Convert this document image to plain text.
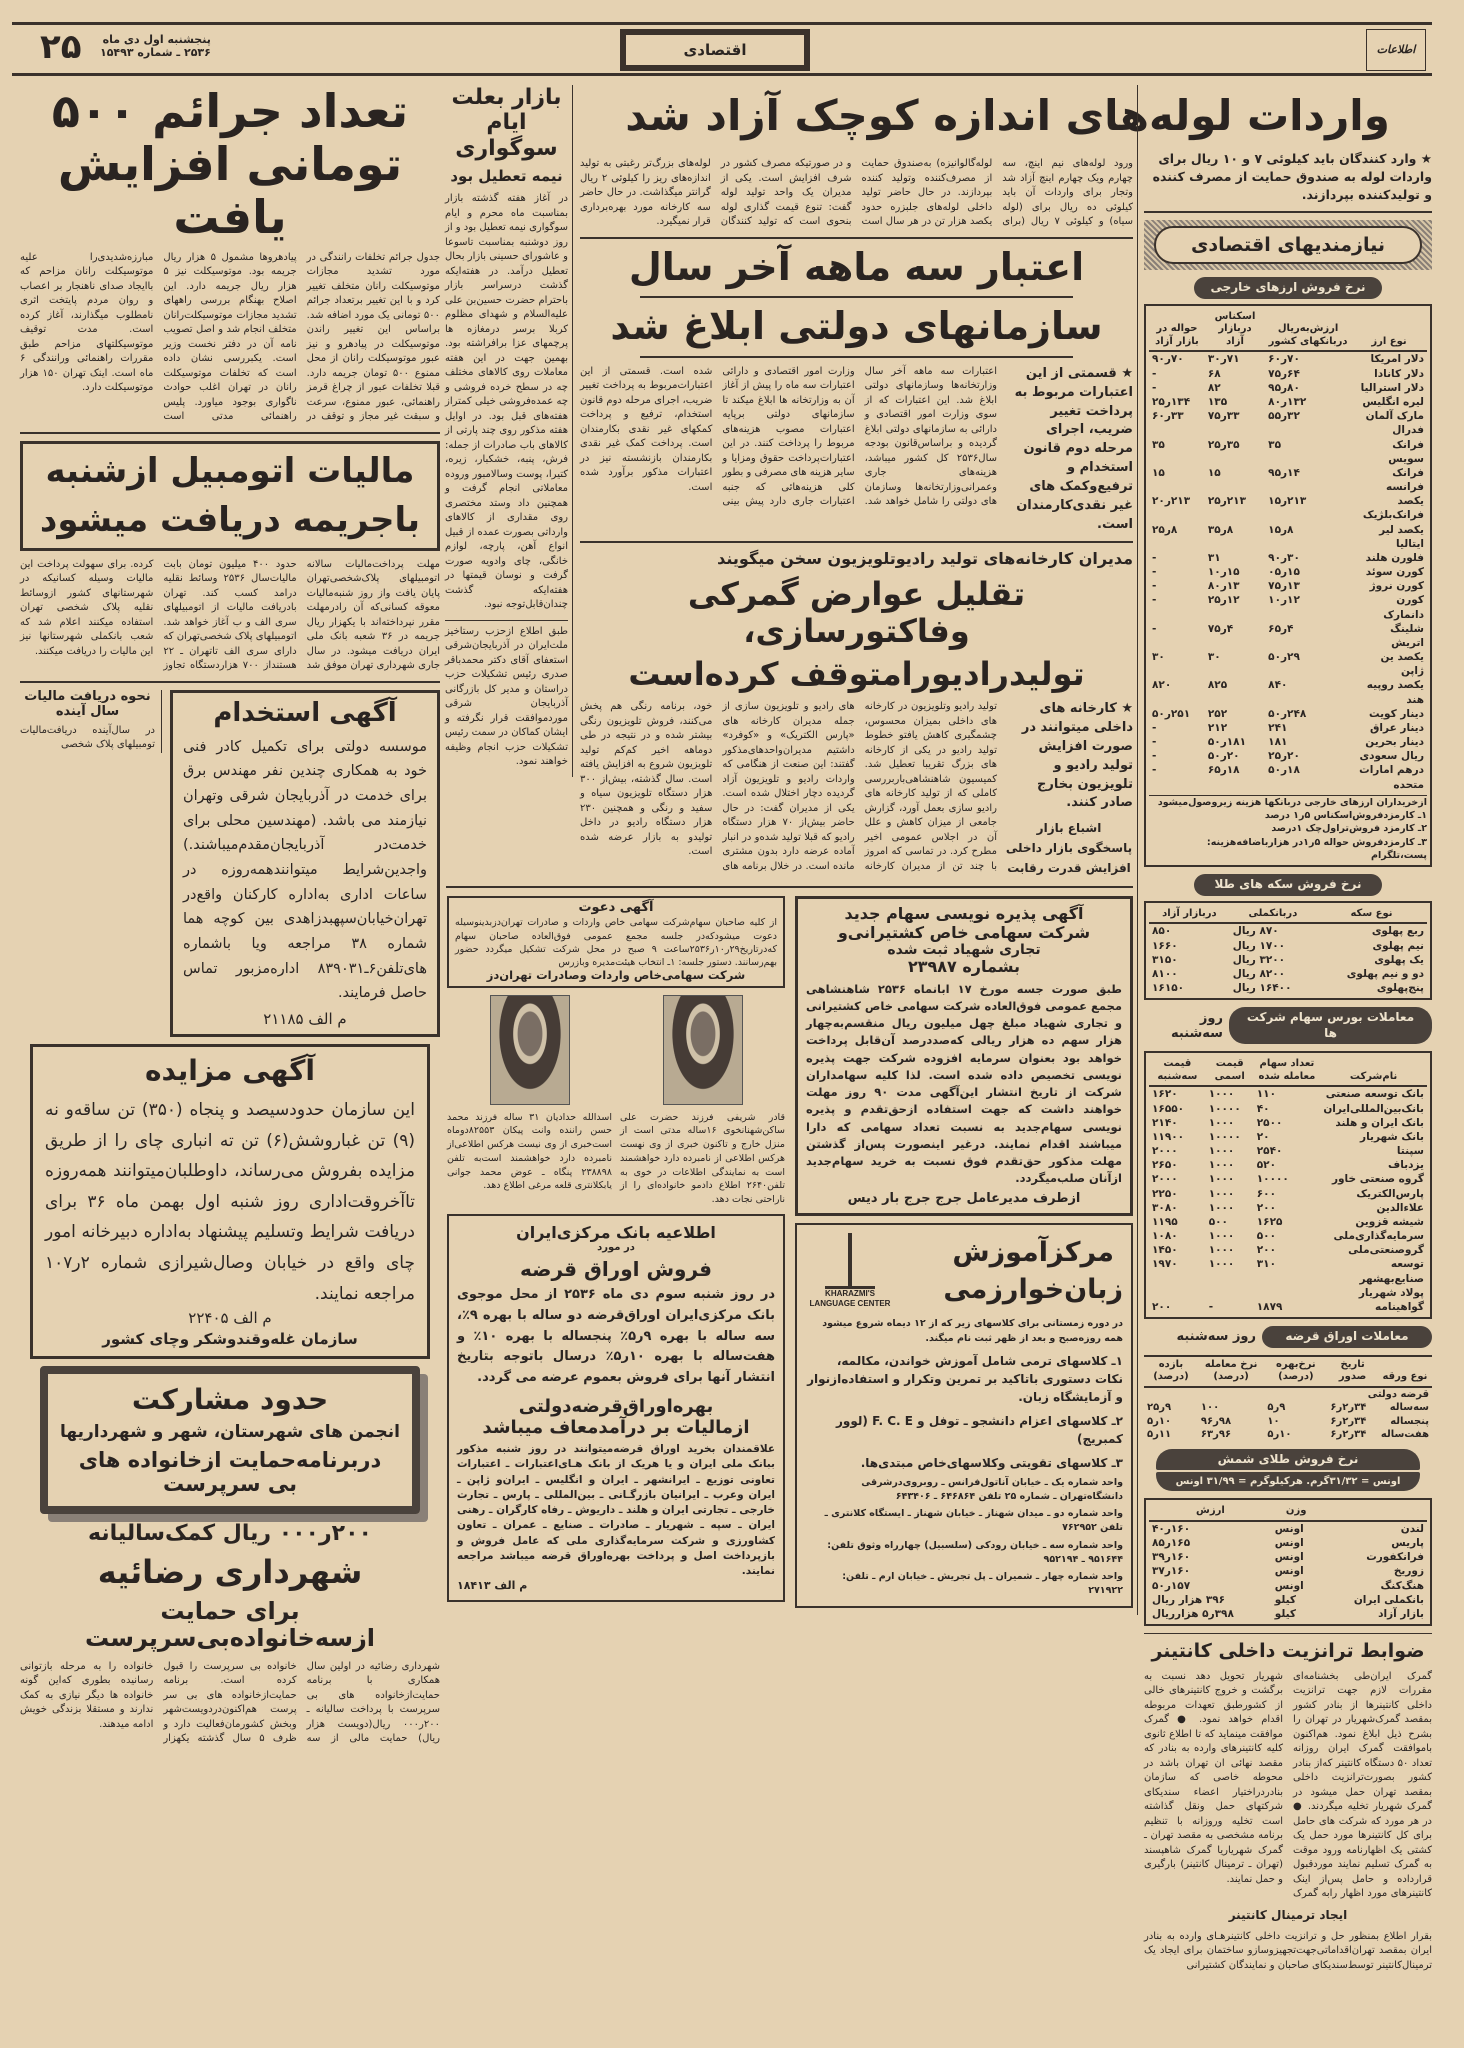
۲۵ پنجشنبه اول دی ماه
۲۵۳۶ ـ شماره ۱۵۴۹۳	اقتصادی	اطلاعات
واردات لوله‌های اندازه کوچک آزاد شد
تعداد جرائم ۵۰۰ تومانی افزایش یافت
جدول جرائم تخلفات رانندگی در مورد تشدید مجازات موتوسیکلت رانان متخلف تغییر کرد و با این تغییر برتعداد جرائم ۵۰۰ تومانی یک مورد اضافه شد. براساس این تغییر راندن موتوسیکلت در پیادهرو و نیز عبور موتوسیکلت رانان از محل ممنوع ۵۰۰ تومان جریمه دارد. قبلا تخلفات عبور از چراغ قرمز راهنمائی، عبور ممنوع، سرعت و سبقت غیر مجاز و توقف در پیادهروها مشمول ۵ هزار ریال جریمه بود. موتوسیکلت نیز ۵ هزار ریال جریمه دارد. این اصلاح بهنگام بررسی راههای تشدید مجازات موتوسیکلت‌رانان متخلف انجام شد و اصل تصویب نامه آن در دفتر نخست وزیر است. یکبررسی نشان داده است که تخلفات موتوسیکلت رانان در تهران اغلب حوادث ناگواری بوجود میاورد. پلیس راهنمائی مدتی است مبارزه‌شدیدی‌را علیه موتوسیکلت رانان مزاحم که باایجاد صدای ناهنجار بر اعصاب و روان مردم پایتخت اثری نامطلوب میگذارند، آغاز کرده است. مدت توقیف موتوسیکلتهای مزاحم طبق مقررات راهنمائی ورانندگی ۶ ماه است. اینک تهران ۱۵۰ هزار موتوسیکلت دارد.
مالیات اتومبیل ازشنبه
باجریمه دریافت میشود
مهلت پرداخت‌مالیات سالانه اتومبیلهای پلاک‌شخصی‌تهران پایان یافت واز روز شنبه‌مالیات معوقه کسانی‌که آن رادرمهلت مقرر نپرداخته‌اند با یکهزار ریال جریمه در ۳۶ شعبه بانک ملی ایران دریافت میشود. در سال جاری شهرداری تهران موفق شد حدود ۴۰۰ میلیون تومان بابت مالیات‌سال ۲۵۳۶ وسائط نقلیه درامد کسب کند. تهران بادریافت مالیات از اتومبیلهای سری الف و ب آغاز خواهد شد. اتومبیلهای پلاک شخصی‌تهران که دارای سری الف تاتهران ـ ۲۲ هستنداز ۷۰۰ هزاردستگاه تجاوز کرده. برای سهولت پرداخت این مالیات وسیله کسانیکه در شهرستانهای کشور ازوسائط نقلیه پلاک شخصی تهران استفاده میکنند اعلام شد که شعب بانکملی شهرستانها نیز این مالیات را دریافت میکنند.
آگهی استخدام
موسسه دولتی برای تکمیل کادر فنی خود به همکاری چندین نفر مهندس برق برای خدمت در آذربایجان شرقی وتهران نیازمند می باشد. (مهندسین محلی برای خدمت‌در آذربایجان‌مقدم‌میباشند.) واجدین‌شرایط میتوانندهمه‌روزه در ساعات اداری به‌اداره کارکنان واقع‌در تهران‌خیابان‌سپهبدزاهدی بین کوچه هما شماره ۳۸ مراجعه ویا باشماره های‌تلفن۶ـ۸۳۹۰۳۱ اداره‌مزبور تماس حاصل فرمایند.
م الف ۲۱۱۸۵
نحوه دریافت مالیات سال آینده
در سال‌آینده دریافت‌مالیات تومبیلهای پلاک شخصی
آگهی مزایده
این سازمان حدودسیصد و پنجاه (۳۵۰) تن ساقه‌و نه (۹) تن غباروشش(۶) تن ته انباری چای را از طریق مزایده بفروش می‌رساند، داوطلبان‌میتوانند همه‌روزه تاآخروقت‌اداری روز شنبه اول بهمن ماه ۳۶ برای دریافت شرایط وتسلیم پیشنهاد به‌اداره دبیرخانه امور چای واقع در خیابان وصال‌شیرازی شماره ۲ر۱۰۷ مراجعه نمایند.
م الف ۲۲۴۰۵
سازمان غله‌وقندوشکر وچای کشور
حدود مشارکت
انجمن های شهرستان، شهر و شهرداریها
دربرنامه‌حمایت ازخانواده های
بی سرپرست
۲۰۰ر۰۰۰ ریال کمک‌سالیانه
شهرداری رضائیه
برای حمایت ازسه‌خانواده‌بی‌سرپرست
شهرداری رضائیه در اولین سال همکاری با برنامه حمایت‌ازخانواده های بی سرپرست با پرداخت سالیانه ـ ۲۰۰ر۰۰۰ ریال(دویست هزار ریال) حمایت مالی از سه خانواده بی سرپرست را قبول کرده است. برنامه حمایت‌ازخانواده های بی سر پرست هم‌اکنون‌دردویست‌شهر وبخش کشورمان‌فعالیت دارد و ظرف ۵ سال گذشته یکهزار خانواده را به مرحله بازتوانی رسانیده بطوری که‌این گونه خانواده ها دیگر نیازی به کمک ندارند و مستقلا بزندگی خویش ادامه میدهند.
ورود لوله‌های نیم اینچ، سه چهارم ویک چهارم اینچ آزاد شد وتجار برای واردات آن باید کیلوئی ده ریال برای (لوله سیاه) و کیلوئی ۷ ریال (برای لوله‌گالوانیزه) به‌صندوق حمایت از مصرف‌کننده وتولید کننده بپردازند. در حال حاضر تولید داخلی لوله‌های جلبزره حدود یکصد هزار تن در هر سال است و در صورتیکه مصرف کشور در شرف افزایش است. یکی از مدیران یک واحد تولید لوله گفت: تنوع قیمت گذاری لوله بنحوی است که تولید کنندگان لوله‌های بزرگ‌تر رغبتی به تولید اندازه‌های ریز را کیلوئی ۲ ریال گرانتر میگذاشت. در حال حاضر سه کارخانه مورد بهره‌برداری قرار نمیگیرد.
اعتبار سه ماهه آخر سال
سازمانهای دولتی ابلاغ شد
★ قسمتی از این اعتبارات مربوط به پرداخت تغییر ضریب، اجرای مرحله دوم قانون استخدام و ترفیع‌وکمک های غیر نقدی‌کارمندان است.
اعتبارات سه ماهه آخر سال وزارتخانه‌ها وسازمانهای دولتی ابلاغ شد. این اعتبارات که از سوی وزارت امور اقتصادی و دارائی به سازمانهای دولتی ابلاغ گردیده و براساس‌قانون بودجه سال۲۵۳۶ کل کشور میباشد، هزینه‌های جاری وعمرانی‌وزارتخانه‌ها وسازمان های دولتی را شامل خواهد شد. وزارت امور اقتصادی و دارائی اعتبارات سه ماه را پیش از آغاز آن به وزارتخانه ها ابلاغ میکند تا سازمانهای دولتی برپایه اعتبارات مصوب هزینه‌های مربوط را پرداخت کنند. در این اعتبارات‌پرداخت حقوق ومزایا و سایر هزینه های مصرفی و بطور کلی هزینه‌هائی که جنبه اعتبارات جاری دارد پیش بینی شده است. قسمتی از این اعتبارات‌مربوط به پرداخت تغییر ضریب، اجرای مرحله دوم قانون استخدام، ترفیع و پرداخت کمکهای غیر نقدی بکارمندان است. پرداخت کمک غیر نقدی بکارمندان بازنشسته نیز در اعتبارات مذکور برآورد شده است.
مدیران کارخانه‌های تولید رادیوتلویزیون سخن میگویند
تقلیل عوارض گمرکی وفاکتورسازی،
تولیدرادیورامتوقف کرده‌است
★ کارخانه های داخلی میتوانند در صورت افزایش تولید رادیو و تلویزیون بخارج صادر کنند.
اشباع بازار
پاسخگوی بازار داخلی
افزایش قدرت رقابت
تولید رادیو وتلویزیون در کارخانه های داخلی بمیزان محسوس، چشمگیری کاهش یافتو خطوط تولید رادیو در یکی از کارخانه های بزرگ تقریبا تعطیل شد. کمیسیون شاهنشاهی‌باربررسی کاملی که از تولید کارخانه های رادیو سازی بعمل آورد، گزارش جامعی از میزان کاهش و علل آن در اجلاس عمومی اخیر مطرح کرد. در تماسی که امروز با چند تن از مدیران کارخانه های رادیو و تلویزیون سازی از جمله مدیران کارخانه های «پارس الکتریک» و «کوفرد» داشتیم مدیران‌واحدهای‌مذکور گفتند: این صنعت از هنگامی که واردات رادیو و تلویزیون آزاد گردیده دچار اختلال شده است. یکی از مدیران گفت: در حال حاضر بیش‌از ۷۰ هزار دستگاه رادیو که قبلا تولید شده‌و در انبار آماده عرضه دارد بدون مشتری مانده است. در خلال برنامه های خود، برنامه رنگی هم پخش می‌کنند، فروش تلویزیون رنگی بیشتر شده و در نتیجه در طی دوماهه اخیر کم‌کم تولید تلویزیون شروع به افزایش یافته است. سال گذشته، بیش‌از ۳۰۰ هزار دستگاه تلویزیون سیاه و سفید و رنگی و همچنین ۲۳۰ هزار دستگاه رادیو در داخل تولیدو به بازار عرضه شده است.
بازار بعلت ایام سوگواری
نیمه تعطیل بود
در آغاز هفته گذشته بازار بمناسبت ماه محرم و ایام سوگواری نیمه تعطیل بود و از روز دوشنبه بمناسبت تاسوعا و عاشورای حسینی بازار بحال تعطیل درآمد. در هفته‌ایکه گذشت درسراسر بازار باحترام حضرت حسین‌بن علی علیه‌السلام و شهدای مظلوم کربلا برسر درمغازه ها پرچمهای عزا برافراشته بود. بهمین جهت در این هفته معاملات روی کالاهای مختلف چه در سطح خرده فروشی و چه عمده‌فروشی خیلی کمتراز هفته‌های قبل بود. در اوایل هفته مذکور روی چند پارتی از کالاهای باب صادرات از جمله: فرش، پنبه، خشکبار، زیره، کتیرا، پوست وسالامبور وروده معاملاتی انجام گرفت و همچنین داد وستد مختصری روی مقداری از کالاهای وارداتی بصورت عمده از قبیل انواع آهن، پارچه، لوازم خانگی، چای وادویه صورت گرفت و نوسان قیمتها در هفته‌ایکه گذشت چندان‌قابل‌توجه نبود.
طبق اطلاع ازحزب رستاخیز ملت‌ایران در آذربایجان‌شرقی استعفای آقای دکتر محمدباقر صدری رئیس تشکیلات حزب دراستان و مدیر کل بازرگانی آذربایجان شرقی موردموافقت قرار نگرفته و ایشان کماکان در سمت رئیس تشکیلات حزب انجام وظیفه خواهند نمود.
آگهی پذیره نویسی سهام جدید
شرکت سهامی خاص کشتیرانی‌و
تجاری شهیاد ثبت شده
بشماره ۲۳۹۸۷
طبق صورت جسه مورخ ۱۷ ابانماه ۲۵۳۶ شاهنشاهی مجمع عمومی فوق‌العاده شرکت سهامی خاص کشتیرانی و تجاری شهیاد مبلغ چهل میلیون ریال منقسم‌به‌چهار هزار سهم ده هزار ریالی که‌صددرصد آن‌قابل پرداخت خواهد بود بعنوان سرمایه افزوده شرکت جهت پذیره نویسی تخصیص داده شده است. لذا کلیه سهامداران شرکت از تاریخ انتشار این‌آگهی مدت ۹۰ روز مهلت خواهند داشت که جهت استفاده ازحق‌تقدم و پذیره نویسی سهام‌جدید به نسبت تعداد سهامی که دارا میباشند اقدام نمایند. درغیر اینصورت پس‌از گذشتن مهلت مذکور حق‌تقدم فوق نسبت به خرید سهام‌جدید ازآنان صلب‌میگردد.
ازطرف مدیرعامل جرج جرج بار دیس
مرکزآموزش
زبان‌خوارزمی
KHARAZMI'S LANGUAGE CENTER
در دوره زمستانی برای کلاسهای زیر که از ۱۲ دیماه شروع میشود همه روزه‌صبح و بعد از ظهر ثبت نام میگند.
۱ـ کلاسهای ترمی شامل آموزش خواندن، مکالمه، نکات دستوری باتاکید بر تمرین وتکرار و استفاده‌ازنوار و آزمایشگاه زبان.
۲ـ کلاسهای اعزام دانشجو ـ توفل و F. C. E (لوور کمبریج)
۳ـ کلاسهای تقویتی وکلاسهای‌خاص مبتدی‌ها.
واحد شماره یک ـ خیابان آناتول‌فرانس ـ روبروی‌درشرقی دانشگاه‌تهران ـ شماره ۲۵ تلفن ۶۴۶۸۶۴ ـ ۶۴۳۴۰۶
واحد شماره دو ـ میدان شهناز ـ خیابان شهناز ـ ایستگاه کلانتری ـ تلفن ۷۶۲۹۵۲
واحد شماره سه ـ خیابان رودکی (سلسبیل) چهارراه وثوق تلفن: ۹۵۱۶۴۴ ـ ۹۵۲۱۹۴
واحد شماره چهار ـ شمیران ـ پل تجریش ـ خیابان ارم ـ تلفن: ۲۷۱۹۲۲
آگهی دعوت
از کلیه صاحبان سهام‌شرکت سهامی خاص واردات و صادرات تهران‌دزبدینوسیله دعوت میشودکه‌در جلسه مجمع عمومی فوق‌العاده صاحبان سهام که‌درتاریخ۲۹ر۱۰ر۲۵۳۶ساعت ۹ صبح در محل شرکت تشکیل میگردد حضور بهم‌رسانند. دستور جلسه: ۱ـ انتخاب هیئت‌مدیره وبازرس
شرکت سهامی‌خاص واردات وصادرات تهران‌دز
قادر شریفی فرزند حضرت علی ساکن‌شهنانخوی ۱۶ساله مدتی است از منزل خارج و تاکنون خبری از وی نهست هرکس اطلاعی از نامبرده دارد خواهشمند است به نمایندگی اطلاعات در خوی به تلفن۲۶۴۰ اطلاع دادمو خانواده‌ای را از ناراحتی نجات دهد.
اسدالله حدادیان ۳۱ ساله فرزند محمد حسن راننده وانت پیکان ۸۲۵۵۳دوماه است‌خبری از وی نیست هرکس اطلاعی‌از نامبرده دارد خواهشمند است‌به تلفن ۲۳۸۸۹۸ پنگاه ـ عوض محمد جوانی یابکلانتری قلعه مرغی اطلاع دهد.
اطلاعیه بانک مرکزی‌ایران
در مورد
فروش اوراق قرضه
در روز شنبه سوم دی ماه ۲۵۳۶ از محل موجوی بانک مرکزی‌ایران اوراق‌قرضه دو ساله با بهره ۹٪، سه ساله با بهره ۹ر۵٪ پنجساله با بهره ۱۰٪ و هفت‌ساله با بهره ۱۰ر۵٪ درسال باتوجه بتاریخ انتشار آنها برای فروش بعموم عرضه می گردد.
بهره‌اوراق‌قرضه‌دولتی
ازمالیات بر درآمدمعاف میباشد
علاقمندان بخرید اوراق قرضه‌میتوانند در روز شنبه مذکور ببانک ملی ایران و یا هریک از بانک هـای‌اعتبارات ـ اعتبارات تعاونی توزیع ـ ایرانشهر ـ ایران و انگلیس ـ ایران‌و ژاپن ـ ایران وعرب ـ ایرانیان بازرگـانی ـ بین‌المللی ـ پارس ـ تجارت خارجی ـ تجارتی ایران و هلند ـ داریوش ـ رفاه کارگران ـ رهنی ایران ـ سپه ـ شهریار ـ صادرات ـ صنایع ـ عمران ـ تعاون کشاورزی و شرکت سرمایه‌گذاری ملی که عامل فروش و بازپرداخت اصل و پرداخت بهره‌اوراق قرضه میباشد مراجعه نمایند.
م الف ۱۸۴۱۳
★ وارد کنندگان باید کیلوئی ۷ و ۱۰ ریال برای واردات لوله به صندوق حمایت از مصرف کننده و تولیدکننده بپردازند.
نیازمندیهای اقتصادی
نرخ فروش ارزهای خارجی
نوع ارز	ارزش‌به‌ریال دربانکهای کشور	اسکناس دربازار آزاد	حواله در بازار آزاد
دلار امریکا	۷۰ر۶۰	۷۱ر۳۰	۷۰ر۹۰
دلار کانادا	۶۴ر۷۵	۶۸	-
دلار استرالیا	۸۰ر۹۵	۸۲	-
لیره انگلیس	۱۳۲ر۸۰	۱۳۵	۱۳۴ر۲۵
مارک آلمان فدرال	۳۲ر۵۵	۳۳ر۷۵	۳۳ر۶۰
فرانک سویس	۳۵	۳۵ر۲۵	۳۵
فرانک فرانسه	۱۴ر۹۵	۱۵	۱۵
یکصد فرانک‌بلژیک	۲۱۳ر۱۵	۲۱۳ر۲۵	۲۱۳ر۲۰
یکصد لیر ایتالیا	۸ر۱۵	۸ر۳۵	۸ر۲۵
فلورن هلند	۳۰ر۹۰	۳۱	-
کورن سوئد	۱۵ر۰۵	۱۵ر۱۰	-
کورن نروژ	۱۳ر۷۵	۱۳ر۸۰	-
کورن دانمارک	۱۲ر۱۰	۱۲ر۲۵	-
شلینگ اتریش	۴ر۶۵	۴ر۷۵	-
یکصد ین ژاپن	۲۹ر۵۰	۳۰	۳۰
یکصد روپیه هند	۸۴۰	۸۲۵	۸۲۰
دینار کویت	۲۴۸ر۵۰	۲۵۲	۲۵۱ر۵۰
دینار عراق	۲۴۱	۲۱۲	-
دینار بحرین	۱۸۱	۱۸۱ر۵۰	-
ریال سعودی	۲۰ر۲۵	۲۰ر۵۰	-
درهم امارات متحده	۱۸ر۵۰	۱۸ر۶۵	-
ازخریداران ارزهای خارجی دربانکها هزینه زیروصول‌میشود
۱ـ کارمزدفروش‌اسکناس ۵ر۱ درصد
۲ـ کارمزد فروش‌تراول‌چک ۱درصد
۳ـ کارمزدفروش حواله ۵ر۱در هزارباضافه‌هزینه: پست،تلگرام
نرخ فروش سکه های طلا
نوع سکه	دربانکملی	دربازار آزاد
ربع پهلوی	۸۷۰ ریال	۸۵۰
نیم پهلوی	۱۷۰۰ ریال	۱۶۶۰
یک پهلوی	۳۲۰۰ ریال	۳۱۵۰
دو و نیم پهلوی	۸۲۰۰ ریال	۸۱۰۰
پنج‌پهلوی	۱۶۴۰۰ ریال	۱۶۱۵۰
معاملات بورس سهام شرکت ها
روز سه‌شنبه
نام‌شرکت	تعداد سهام معامله شده	قیمت اسمی	قیمت سه‌شنبه
بانک توسعه صنعتی	۱۱۰	۱۰۰۰	۱۶۲۰
بانک‌بین‌المللی‌ایران	۴۰	۱۰۰۰۰	۱۶۵۵۰
بانک ایران و هلند	۲۵۰۰	۱۰۰۰	۲۱۴۰
بانک شهریار	۲۰	۱۰۰۰۰	۱۱۹۰۰
سپنتا	۲۵۴۰	۱۰۰۰	۲۰۰۰
یزدباف	۵۲۰	۱۰۰۰	۲۶۵۰
گروه صنعتی خاور	۱۰۰۰۰	۱۰۰۰	۲۰۰۰
پارس‌الکتریک	۶۰۰	۱۰۰۰	۲۲۵۰
علاءالدین	۲۰۰	۱۰۰۰	۳۰۸۰
شیشه قزوین	۱۶۲۵	۵۰۰	۱۱۹۵
سرمایه‌گذاری‌ملی	۵۰۰	۱۰۰۰	۱۰۸۰
گروصنعتی‌ملی	۲۰۰	۱۰۰۰	۱۴۵۰
توسعه صنایع‌بهشهر	۳۱۰	۱۰۰۰	۱۹۷۰
پولاد شهریار			
گواهینامه	۱۸۷۹	-	۲۰۰
معاملات اوراق قرضه
روز سه‌شنبه
نوع ورقه	تاریخ صدور	نرخ‌بهره (درصد)	نرخ معامله (درصد)	بازده (درصد)
قرضه دولتی				
سه‌ساله	۳۴ر۲ر۶	۹ر۵	۱۰۰	۹ر۲۵
پنجساله	۳۴ر۲ر۶	۱۰	۹۸ر۹۶	۱۰ر۵
هفت‌ساله	۳۴ر۲ر۶	۱۰ر۵	۹۶ر۶۳	۱۱ر۵
نرخ فروش طلای شمش
اونس = ۳۱/۳۲گرم. هرکیلوگرم = ۳۱/۹۹ اونس
	وزن	ارزش
لندن	اونس	۱۶۰ر۴۰
پاریس	اونس	۱۶۵ر۸۵
فرانکفورت	اونس	۱۶۰ر۳۹
زوریخ	اونس	۱۶۰ر۳۷
هنگ‌کنگ	اونس	۱۵۷ر۵۰
بانکملی ایران	کیلو	۳۹۶ هزار ریال
بازار آزاد	کیلو	۳۹۸ر۵ هزارریال
ضوابط ترانزیت داخلی کانتینر
گمرک ایران‌طی بخشنامه‌ای مقررات لازم جهت ترانزیت داخلی کانتینرها از بنادر کشور بمقصد گمرک‌شهریار در تهران را بشرح ذیل ابلاغ نمود. هم‌اکنون باموافقت گمرک ایران روزانه تعداد ۵۰ دستگاه کانتینر که‌از بنادر کشور بصورت‌ترانزیت داخلی بمقصد تهران حمل میشود در گمرک شهریار تخلیه میگردند. ● در هر مورد که شرکت های حامل برای کل کانتینرها مورد حمل یک کشتی یک اظهارنامه ورود موقت به گمرک تسلیم نمایند موردقبول قرارداده و حامل پس‌از اینک کانتینرهای مورد اظهار رابه گمرک شهریار تحویل دهد نسبت به برگشت و خروج کانتینرهای خالی از کشورطبق تعهدات مربوطه اقدام خواهد نمود. ● گمرک موافقت مینماید که تا اطلاع ثانوی کلیه کانتینرهای وارده به بنادر که مقصد نهائی ان تهران باشد در محوطه خاصی که سازمان بنادردراختیار اعضاء سندیکای شرکتهای حمل ونقل گذاشته است تخلیه وروزانه با تنظیم برنامه مشخصی به مقصد تهران ـ گمرک شهریاریا گمرک شاهپسند (تهران ـ ترمینال کانتینر) بارگیری و حمل نمایند.
ایجاد ترمینال کانتینر
بقرار اطلاع بمنظور حل و ترانزیت داخلی کانتینرهـای وارده به بنادر ایران بمقصد تهران‌اقداماتی‌جهت‌تجهیزوسازو ساختمان برای ایجاد یک ترمینال‌کانتینر توسط‌سندیکای صاحبان و نمایندگان کشتیرانی
